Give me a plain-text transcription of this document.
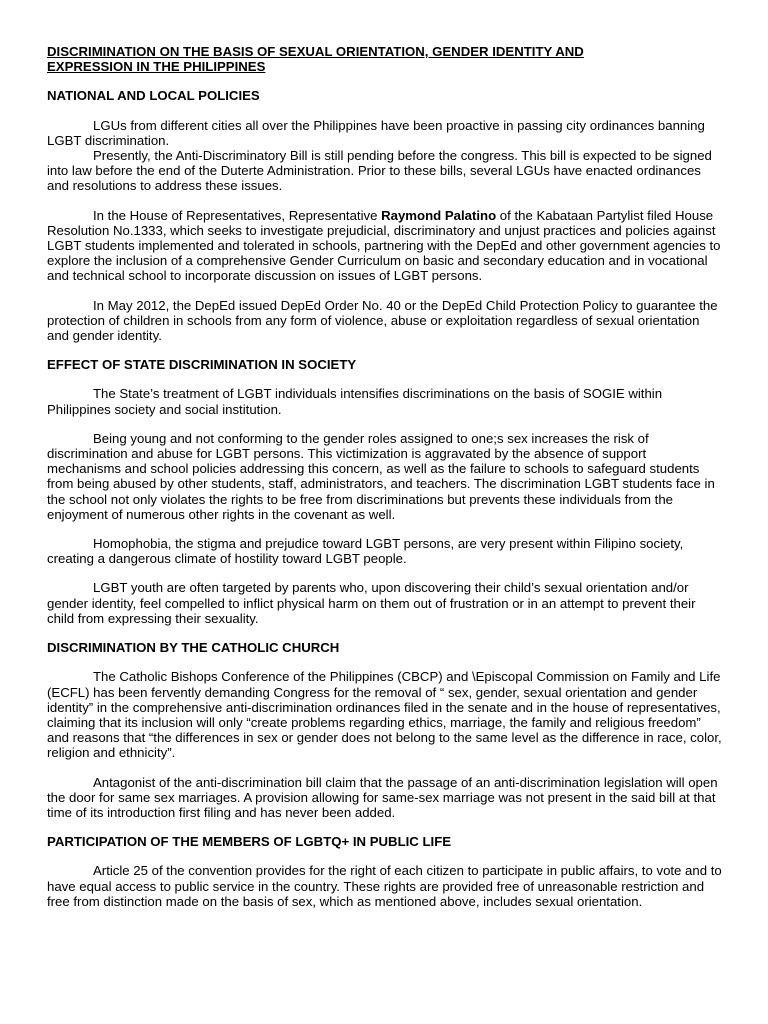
DISCRIMINATION ON THE BASIS OF SEXUAL ORIENTATION, GENDER IDENTITY AND
EXPRESSION IN THE PHILIPPINES

NATIONAL AND LOCAL POLICIES

LGUs from different cities all over the Philippines have been proactive in passing city ordinances banning LGBT discrimination.

Presently, the Anti-Discriminatory Bill is still pending before the congress. This bill is expected to be signed into law before the end of the Duterte Administration. Prior to these bills, several LGUs have enacted ordinances and resolutions to address these issues.

In the House of Representatives, Representative Raymond Palatino of the Kabataan Partylist filed House Resolution No.1333, which seeks to investigate prejudicial, discriminatory and unjust practices and policies against LGBT students implemented and tolerated in schools, partnering with the DepEd and other government agencies to explore the inclusion of a comprehensive Gender Curriculum on basic and secondary education and in vocational and technical school to incorporate discussion on issues of LGBT persons.

In May 2012, the DepEd issued DepEd Order No. 40 or the DepEd Child Protection Policy to guarantee the protection of children in schools from any form of violence, abuse or exploitation regardless of sexual orientation and gender identity.

EFFECT OF STATE DISCRIMINATION IN SOCIETY

The State’s treatment of LGBT individuals intensifies discriminations on the basis of SOGIE within Philippines society and social institution.

Being young and not conforming to the gender roles assigned to one;s sex increases the risk of discrimination and abuse for LGBT persons. This victimization is aggravated by the absence of support mechanisms and school policies addressing this concern, as well as the failure to schools to safeguard students from being abused by other students, staff, administrators, and teachers. The discrimination LGBT students face in the school not only violates the rights to be free from discriminations but prevents these individuals from the enjoyment of numerous other rights in the covenant as well.

Homophobia, the stigma and prejudice toward LGBT persons, are very present within Filipino society, creating a dangerous climate of hostility toward LGBT people.

LGBT youth are often targeted by parents who, upon discovering their child’s sexual orientation and/or gender identity, feel compelled to inflict physical harm on them out of frustration or in an attempt to prevent their child from expressing their sexuality.

DISCRIMINATION BY THE CATHOLIC CHURCH

The Catholic Bishops Conference of the Philippines (CBCP) and \Episcopal Commission on Family and Life (ECFL) has been fervently demanding Congress for the removal of “ sex, gender, sexual orientation and gender identity” in the comprehensive anti-discrimination ordinances filed in the senate and in the house of representatives, claiming that its inclusion will only “create problems regarding ethics, marriage, the family and religious freedom” and reasons that “the differences in sex or gender does not belong to the same level as the difference in race, color, religion and ethnicity”.

Antagonist of the anti-discrimination bill claim that the passage of an anti-discrimination legislation will open the door for same sex marriages. A provision allowing for same-sex marriage was not present in the said bill at that time of its introduction first filing and has never been added.

PARTICIPATION OF THE MEMBERS OF LGBTQ+ IN PUBLIC LIFE

Article 25 of the convention provides for the right of each citizen to participate in public affairs, to vote and to have equal access to public service in the country. These rights are provided free of unreasonable restriction and free from distinction made on the basis of sex, which as mentioned above, includes sexual orientation.
